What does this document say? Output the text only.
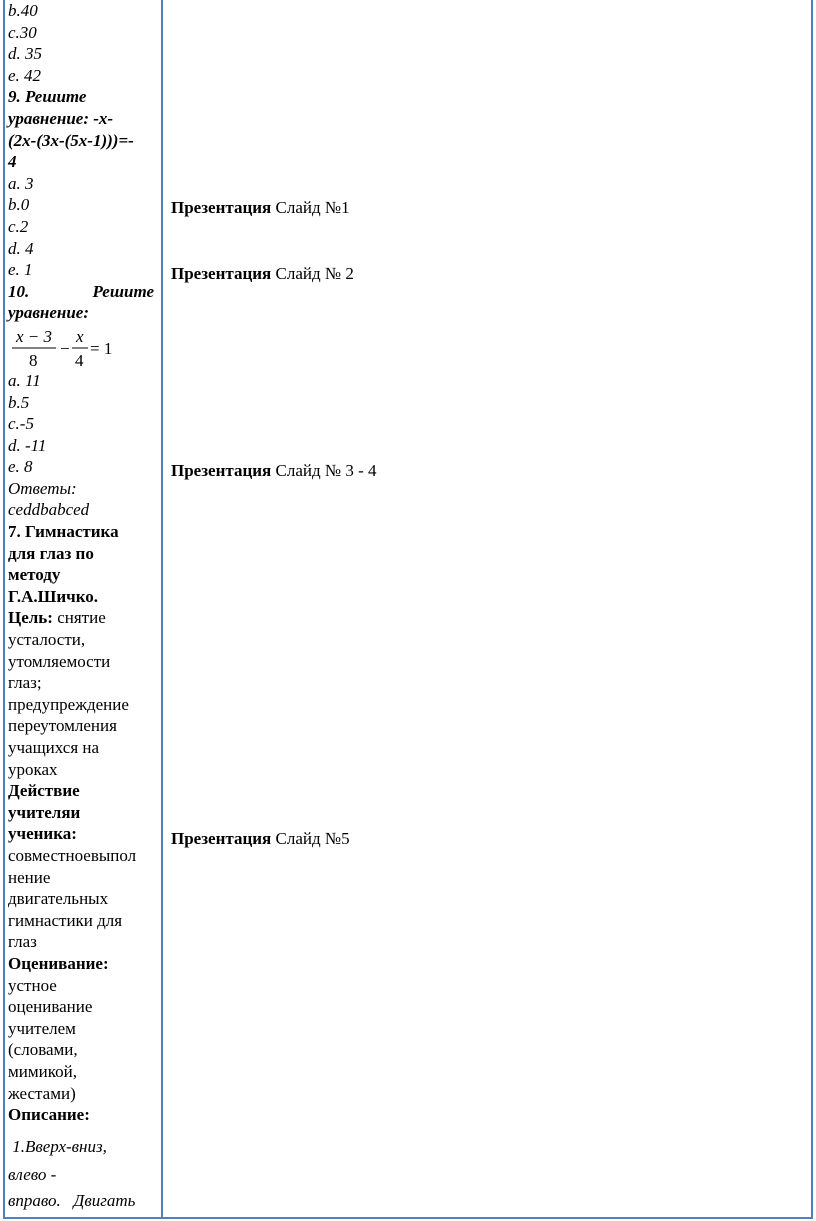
b.40
c.30
d. 35
e. 42
9. Решите
уравнение: -x-
(2x-(3x-(5x-1)))=-
4
a. 3
b.0
c.2
d. 4
e. 1
10.	Решите
уравнение:
x − 3
8
−
x
4
= 1
a. 11
b.5
c.-5
d. -11
e. 8
Ответы:
ceddbabced
7. Гимнастика
для глаз по
методу
Г.А.Шичко.
Цель: снятие
усталости,
утомляемости
глаз;
предупреждение
переутомления
учащихся на
уроках
Действие
учителяи
ученика:
совместноевыпол
нение
двигательных
гимнастики для
глаз
Оценивание:
устное
оценивание
учителем
(словами,
мимикой,
жестами)
Описание:
1.Вверх-вниз,
влево -
вправо.   Двигать
Презентация Слайд №1
Презентация Слайд № 2
Презентация Слайд № 3 - 4
Презентация Слайд №5
